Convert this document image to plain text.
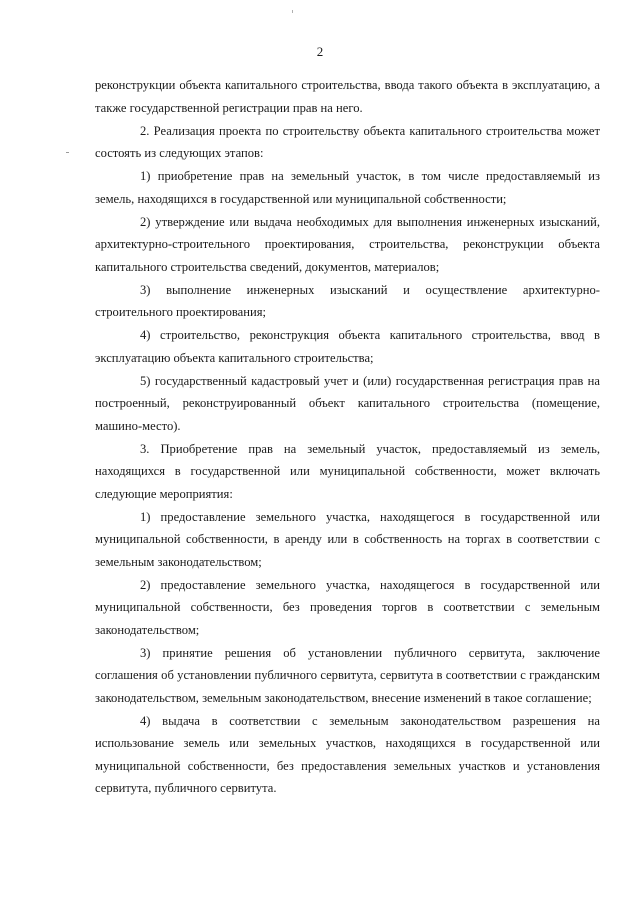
2

реконструкции объекта капитального строительства, ввода такого объекта в эксплуатацию, а также государственной регистрации прав на него.

2. Реализация проекта по строительству объекта капитального строительства может состоять из следующих этапов:

1) приобретение прав на земельный участок, в том числе предоставляемый из земель, находящихся в государственной или муниципальной собственности;

2) утверждение или выдача необходимых для выполнения инженерных изысканий, архитектурно-строительного проектирования, строительства, реконструкции объекта капитального строительства сведений, документов, материалов;

3) выполнение инженерных изысканий и осуществление архитектурно-строительного проектирования;

4) строительство, реконструкция объекта капитального строительства, ввод в эксплуатацию объекта капитального строительства;

5) государственный кадастровый учет и (или) государственная регистрация прав на построенный, реконструированный объект капитального строительства (помещение, машино-место).

3. Приобретение прав на земельный участок, предоставляемый из земель, находящихся в государственной или муниципальной собственности, может включать следующие мероприятия:

1) предоставление земельного участка, находящегося в государственной или муниципальной собственности, в аренду или в собственность на торгах в соответствии с земельным законодательством;

2) предоставление земельного участка, находящегося в государственной или муниципальной собственности, без проведения торгов в соответствии с земельным законодательством;

3) принятие решения об установлении публичного сервитута, заключение соглашения об установлении публичного сервитута, сервитута в соответствии с гражданским законодательством, земельным законодательством, внесение изменений в такое соглашение;

4) выдача в соответствии с земельным законодательством разрешения на использование земель или земельных участков, находящихся в государственной или муниципальной собственности, без предоставления земельных участков и установления сервитута, публичного сервитута.
